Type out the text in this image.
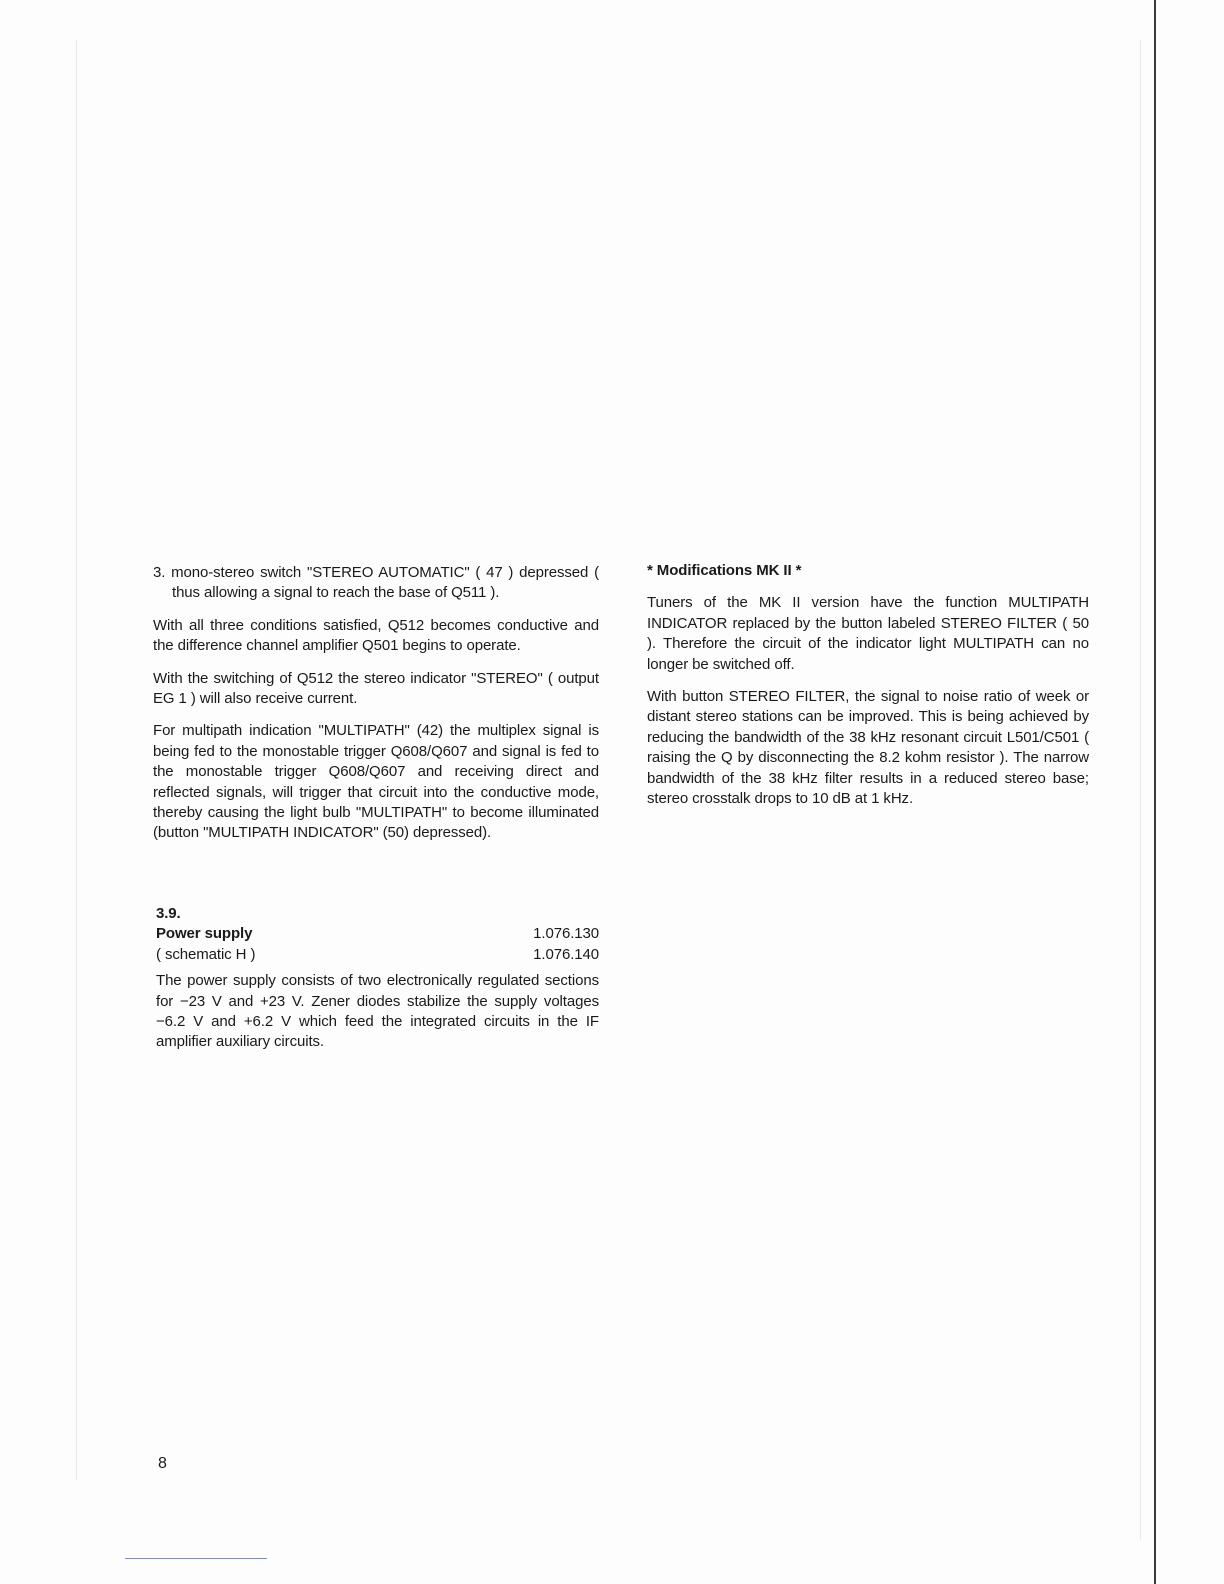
3. mono-stereo switch "STEREO AUTOMATIC" ( 47 ) depressed ( thus allowing a signal to reach the base of Q511 ).

With all three conditions satisfied, Q512 becomes conductive and the difference channel amplifier Q501 begins to operate.

With the switching of Q512 the stereo indicator "STEREO" ( output EG 1 ) will also receive current.

For multipath indication "MULTIPATH" (42) the multiplex signal is being fed to the monostable trigger Q608/Q607 and signal is fed to the monostable trigger Q608/Q607 and receiving direct and reflected signals, will trigger that circuit into the conductive mode, thereby causing the light bulb "MULTIPATH" to become illuminated (button "MULTIPATH INDICATOR" (50) depressed).

3.9.
Power supply	1.076.130
( schematic H )	1.076.140

The power supply consists of two electronically regulated sections for −23 V and +23 V. Zener diodes stabilize the supply voltages −6.2 V and +6.2 V which feed the integrated circuits in the IF amplifier auxiliary circuits.

* Modifications MK II *

Tuners of the MK II version have the function MULTIPATH INDICATOR replaced by the button labeled STEREO FILTER ( 50 ). Therefore the circuit of the indicator light MULTIPATH can no longer be switched off.

With button STEREO FILTER, the signal to noise ratio of week or distant stereo stations can be improved. This is being achieved by reducing the bandwidth of the 38 kHz resonant circuit L501/C501 ( raising the Q by disconnecting the 8.2 kohm resistor ). The narrow bandwidth of the 38 kHz filter results in a reduced stereo base; stereo crosstalk drops to 10 dB at 1 kHz.

8
